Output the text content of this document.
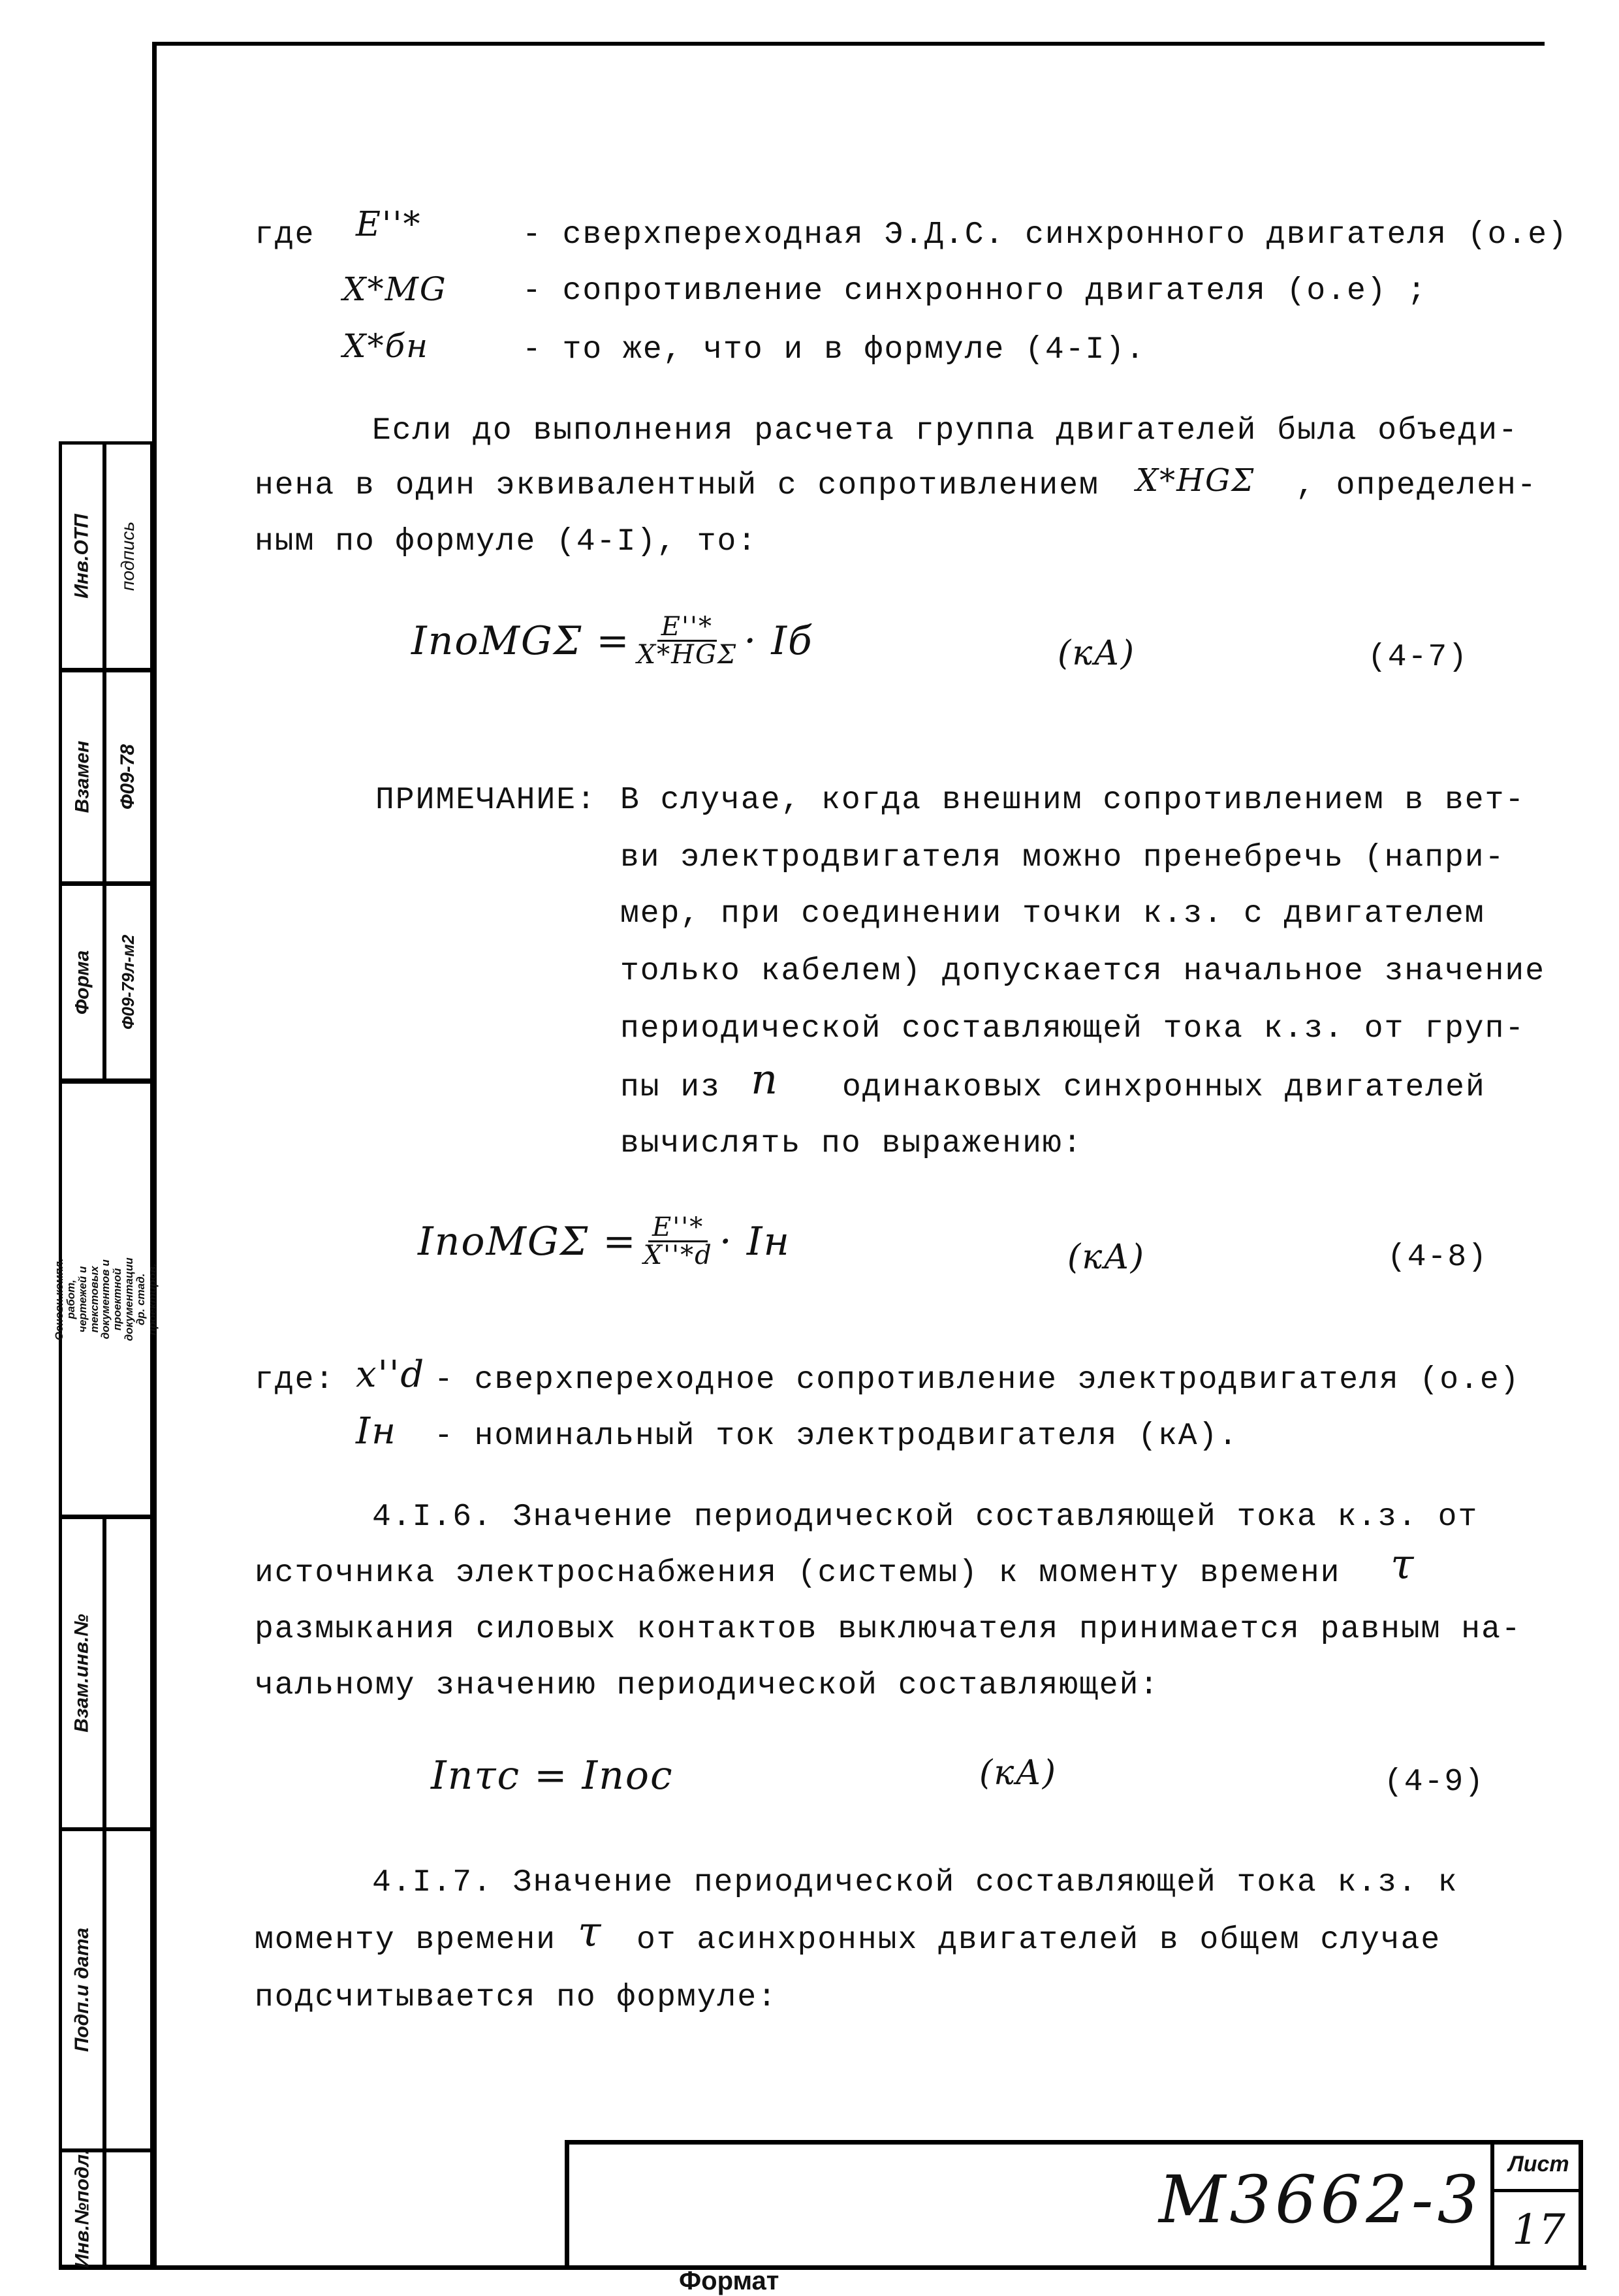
где E''*	- сверхпереходная Э.Д.С. синхронного двигателя (о.е)
X*МG - сопротивление синхронного двигателя (о.е) ;
X*бн	- то же, что и в формуле (4-I).
Если до выполнения расчета группа двигателей была объеди-
нена в один эквивалентный с сопротивлением X*НGΣ , определен-
ным по формуле (4-I), то:
IпоMGΣ = $\frac{E''*}{\text{X*НGΣ}}$ · Iб	(кА)	(4-7)
ПРИМЕЧАНИЕ: В случае, когда внешним сопротивлением в вет-
ви электродвигателя можно пренебречь (напри-
мер, при соединении точки к.з. с двигателем
только кабелем) допускается начальное значение
периодической составляющей тока к.з. от груп-
пы из n одинаковых синхронных двигателей
вычислять по выражению:
IпоMGΣ = $\frac{E''*}{X''*d}$ · Iн	(кА)	(4-8)
где: x''d - сверхпереходное сопротивление электродвигателя (о.е)
Iн - номинальный ток электродвигателя (кА).
4.I.6. Значение периодической составляющей тока к.з. от
источника электроснабжения (системы) к моменту времени τ
размыкания силовых контактов выключателя принимается равным на-
чальному значению периодической составляющей:
Iпτс = Iпос	(кА)	(4-9)
4.I.7. Значение периодической составляющей тока к.з. к
моменту времени τ от асинхронных двигателей в общем случае
подсчитывается по формуле:
Инв.№подл.
Подп.и дата
Взам.инв.№
Основн.компл. работ, чертежей и текстовых документов и проектной документации др. стад. проектиров.
Форма
Взамен
Инв.ОТП
Ф09-79л-м2
Ф09-78
подпись
М3662-3 Лист
17
Формат
